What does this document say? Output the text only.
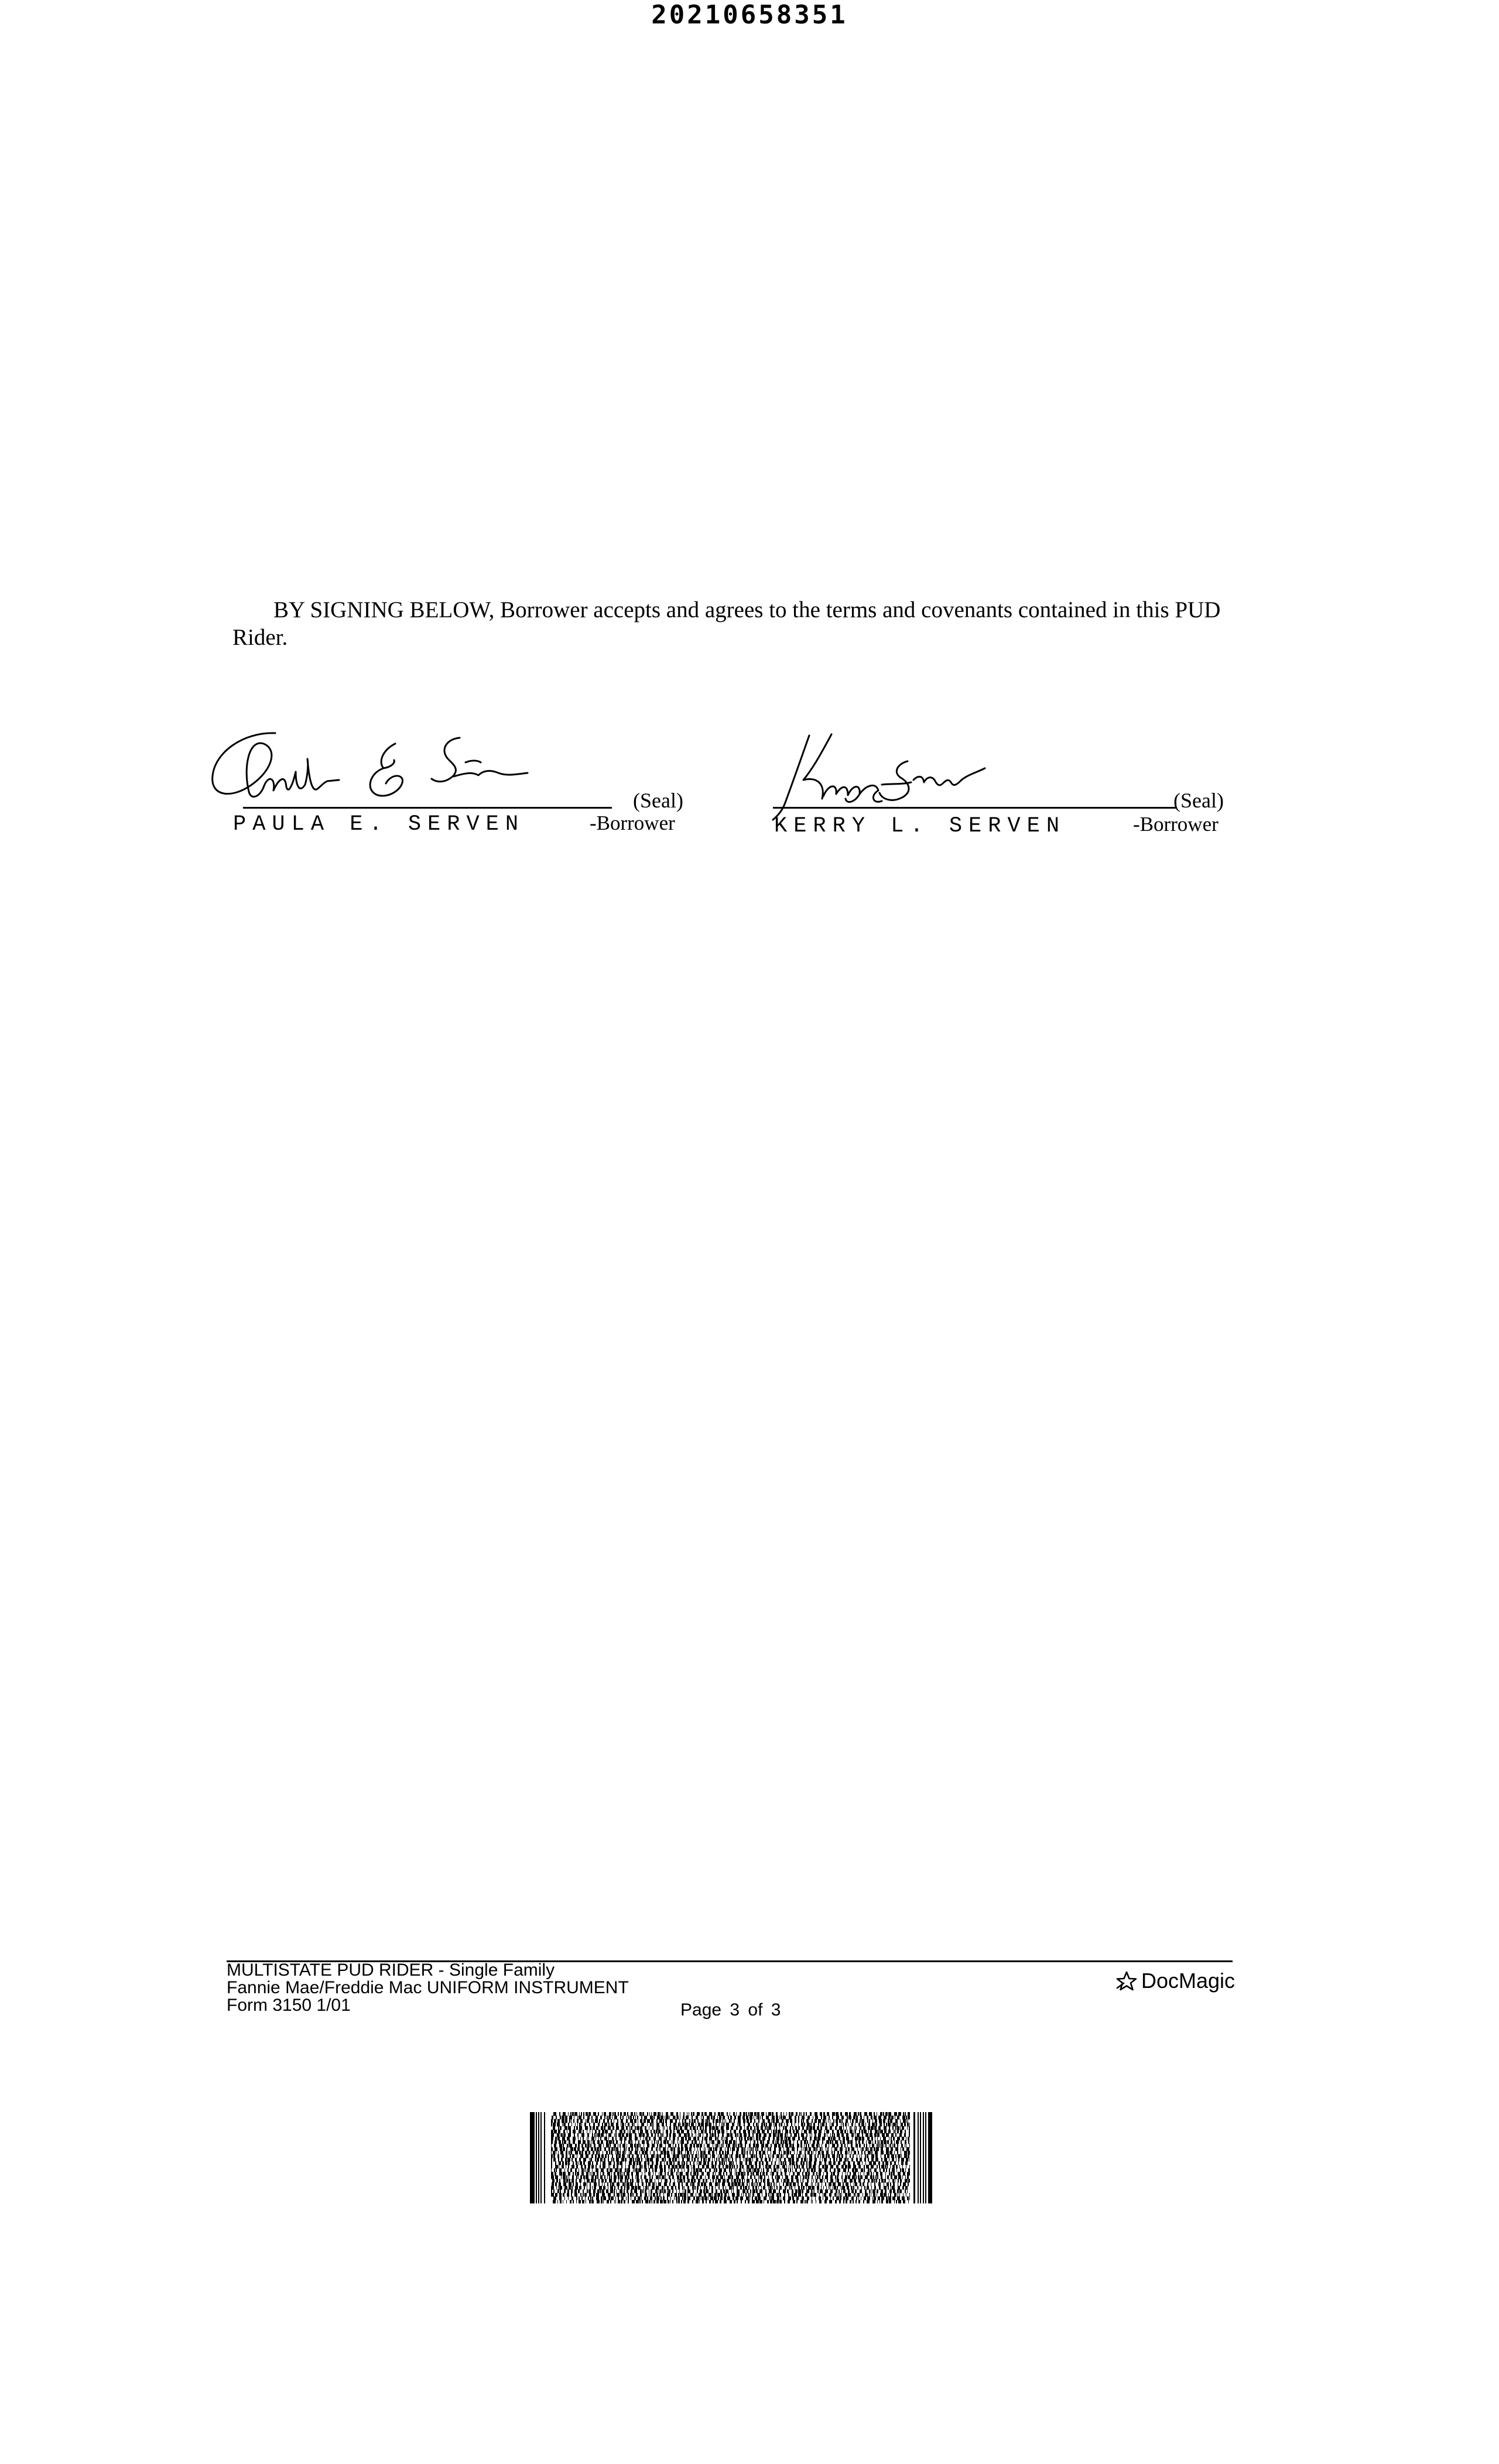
20210658351
BY SIGNING BELOW, Borrower accepts and agrees to the terms and covenants contained in this PUD
Rider.
(Seal)
PAULA E. SERVEN	-Borrower
(Seal)
KERRY L. SERVEN	-Borrower
MULTISTATE PUD RIDER - Single Family
Fannie Mae/Freddie Mac UNIFORM INSTRUMENT
Form 3150 1/01	Page 3 of 3
DocMagic
